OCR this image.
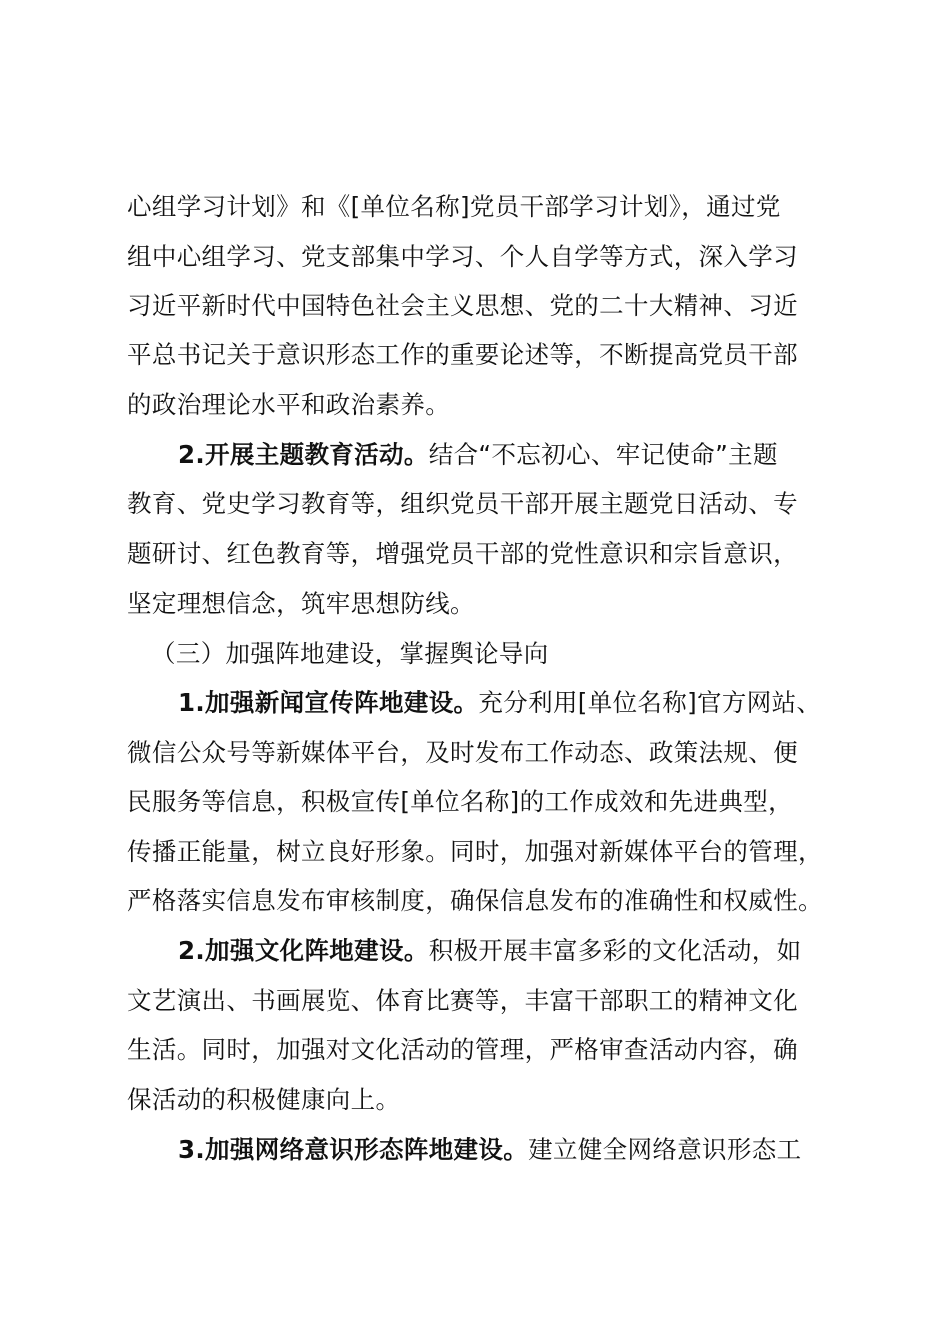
心组学习计划》和《[单位名称]党员干部学习计划》，通过党
组中心组学习、党支部集中学习、个人自学等方式，深入学习
习近平新时代中国特色社会主义思想、党的二十大精神、习近
平总书记关于意识形态工作的重要论述等，不断提高党员干部
的政治理论水平和政治素养。
2.开展主题教育活动。结合“不忘初心、牢记使命”主题
教育、党史学习教育等，组织党员干部开展主题党日活动、专
题研讨、红色教育等，增强党员干部的党性意识和宗旨意识，
坚定理想信念，筑牢思想防线。
（三）加强阵地建设，掌握舆论导向
1.加强新闻宣传阵地建设。充分利用[单位名称]官方网站、
微信公众号等新媒体平台，及时发布工作动态、政策法规、便
民服务等信息，积极宣传[单位名称]的工作成效和先进典型，
传播正能量，树立良好形象。同时，加强对新媒体平台的管理，
严格落实信息发布审核制度，确保信息发布的准确性和权威性。
2.加强文化阵地建设。积极开展丰富多彩的文化活动，如
文艺演出、书画展览、体育比赛等，丰富干部职工的精神文化
生活。同时，加强对文化活动的管理，严格审查活动内容，确
保活动的积极健康向上。
3.加强网络意识形态阵地建设。建立健全网络意识形态工
